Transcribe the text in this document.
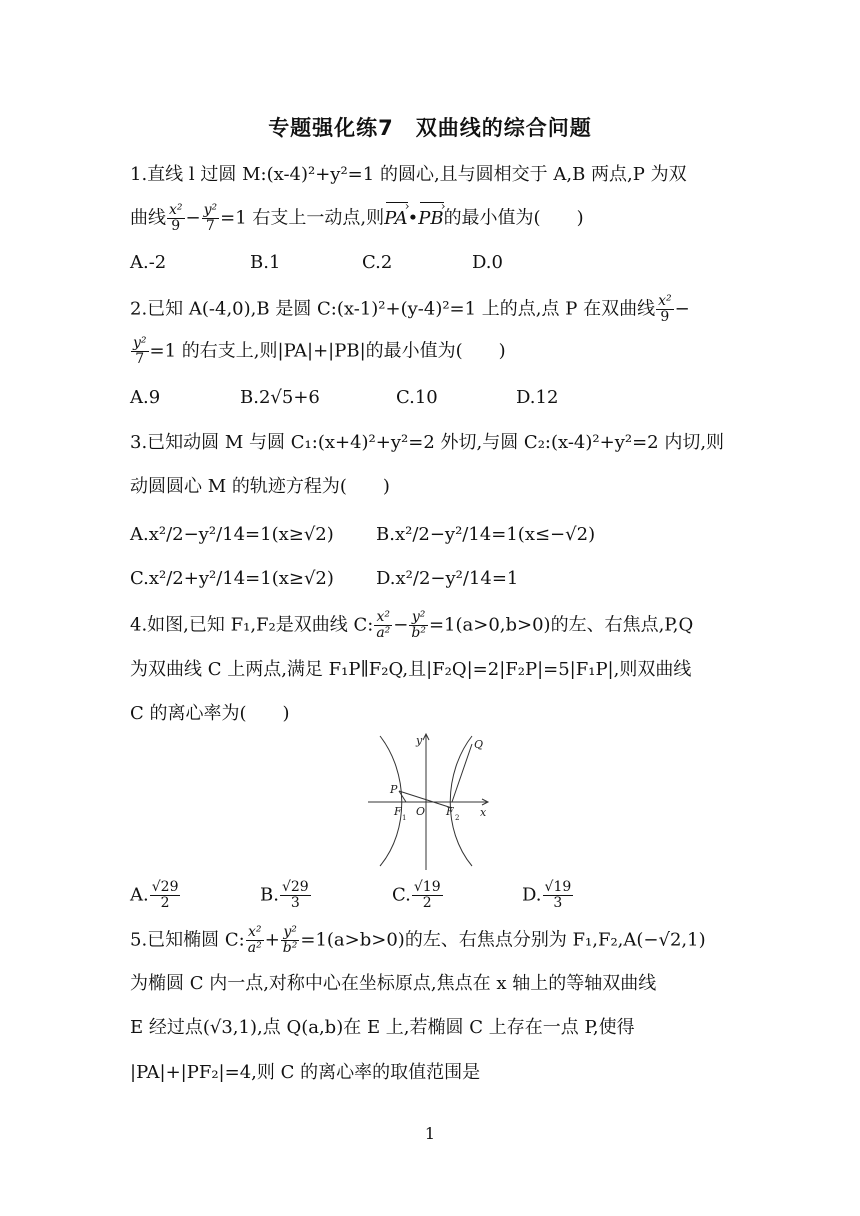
专题强化练7　双曲线的综合问题
1.直线 l 过圆 M:(x-4)²+y²=1 的圆心,且与圆相交于 A,B 两点,P 为双
曲线 $\frac{\text{x²}}{9} - \frac{\text{y²}}{7} =1$ 右支上一动点,则PA ›•PB ›的最小值为(　　)
A.-2	B.1	C.2	D.0
2.已知 A(-4,0),B 是圆 C:(x-1)²+(y-4)²=1 上的点,点 P 在双曲线 $\frac{\text{x²}}{9}$ −
$\frac{\text{y²}}{7} =1$ 的右支上,则|PA|+|PB|的最小值为(　　)
A.9	B.2√5+6	C.10	D.12
3.已知动圆 M 与圆 C₁:(x+4)²+y²=2 外切,与圆 C₂:(x-4)²+y²=2 内切,则
动圆圆心 M 的轨迹方程为(　　)
A.x²/2−y²/14=1(x≥√2) B.x²/2−y²/14=1(x≤−√2)
C.x²/2+y²/14=1(x≥√2) D.x²/2−y²/14=1
4.如图,已知 F₁,F₂是双曲线 C: $\frac{\text{x²}}{\text{a²}} - \frac{\text{y²}}{\text{b²}} =1(a>0,b>0)$的左、右焦点,P,Q
为双曲线 C 上两点,满足 F₁P∥F₂Q,且|F₂Q|=2|F₂P|=5|F₁P|,则双曲线
C 的离心率为(　　)
y
x
Q
P
F 1 O F 2
A. $\frac{√29}{2}$	B. $\frac{√29}{3}$	C. $\frac{√19}{2}$	D. $\frac{√19}{3}$
5.已知椭圆 C: $\frac{\text{x²}}{\text{a²}} + \frac{\text{y²}}{\text{b²}} =1(a>b>0)$的左、右焦点分别为 F₁,F₂,A(−√2,1)
为椭圆 C 内一点,对称中心在坐标原点,焦点在 x 轴上的等轴双曲线
E 经过点(√3,1),点 Q(a,b)在 E 上,若椭圆 C 上存在一点 P,使得
|PA|+|PF₂|=4,则 C 的离心率的取值范围是
1
